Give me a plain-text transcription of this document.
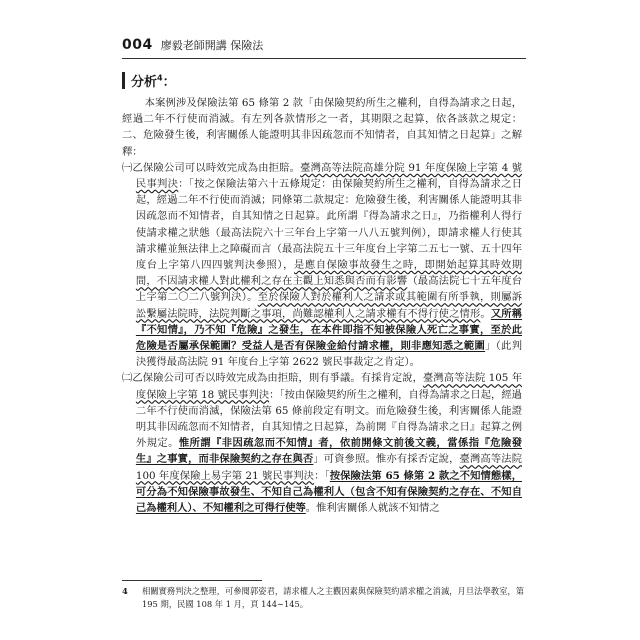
004 廖毅老師開講 保險法
分析$^4$：

本案例涉及保險法第 65 條第 2 款「由保險契約所生之權利，自得為請求之日起，經過二年不行使而消滅。有左列各款情形之一者，其期限之起算，依各該款之規定：二、危險發生後，利害關係人能證明其非因疏忽而不知情者，自其知情之日起算」之解釋：

㈠乙保險公司可以時效完成為由拒賠。臺灣高等法院高雄分院 91 年度保險上字第 4 號民事判決：「按之保險法第六十五條規定：由保險契約所生之權利，自得為請求之日起，經過二年不行使而消滅；同條第二款規定：危險發生後，利害關係人能證明其非因疏忽而不知情者，自其知情之日起算。此所謂『得為請求之日』，乃指權利人得行使請求權之狀態（最高法院六十三年台上字第一八八五號判例），即請求權人行使其請求權並無法律上之障礙而言（最高法院五十三年度台上字第二五七一號、五十四年度台上字第八四四號判決參照），是應自保險事故發生之時，即開始起算其時效期間，不因請求權人對此權利之存在主觀上知悉與否而有影響（最高法院七十五年度台上字第二〇二八號判決）。至於保險人對於權利人之請求或其範圍有所爭執，則屬訴訟繫屬法院時，法院判斷之事項，尚難認權利人之請求權有不得行使之情形。又所稱『不知情』，乃不知『危險』之發生，在本件即指不知被保險人死亡之事實，至於此危險是否屬承保範圍？受益人是否有保險金給付請求權，則非應知悉之範圍」（此判決獲得最高法院 91 年度台上字第 2622 號民事裁定之肯定）。

㈡乙保險公司可否以時效完成為由拒賠，則有爭議。有採肯定說，臺灣高等法院 105 年度保險上字第 18 號民事判決：「按由保險契約所生之權利，自得為請求之日起，經過二年不行使而消滅，保險法第 65 條前段定有明文。而危險發生後，利害關係人能證明其非因疏忽而不知情者，自其知情之日起算，為前開『自得為請求之日』起算之例外規定。惟所謂『非因疏忽而不知情』者，依前開條文前後文義，當係指『危險發生』之事實，而非保險契約之存在與否」可資參照。惟亦有採否定說，臺灣高等法院 100 年度保險上易字第 21 號民事判決：「按保險法第 65 條第 2 款之不知情態樣，可分為不知保險事故發生、不知自己為權利人（包含不知有保險契約之存在、不知自己為權利人）、不知權利之可得行使等。惟利害關係人就該不知情之

4	相關實務判決之整理，可參閱郭姿君，請求權人之主觀因素與保險契約請求權之消滅，月旦法學教室，第 195 期，民國 108 年 1 月，頁 144∼145。
